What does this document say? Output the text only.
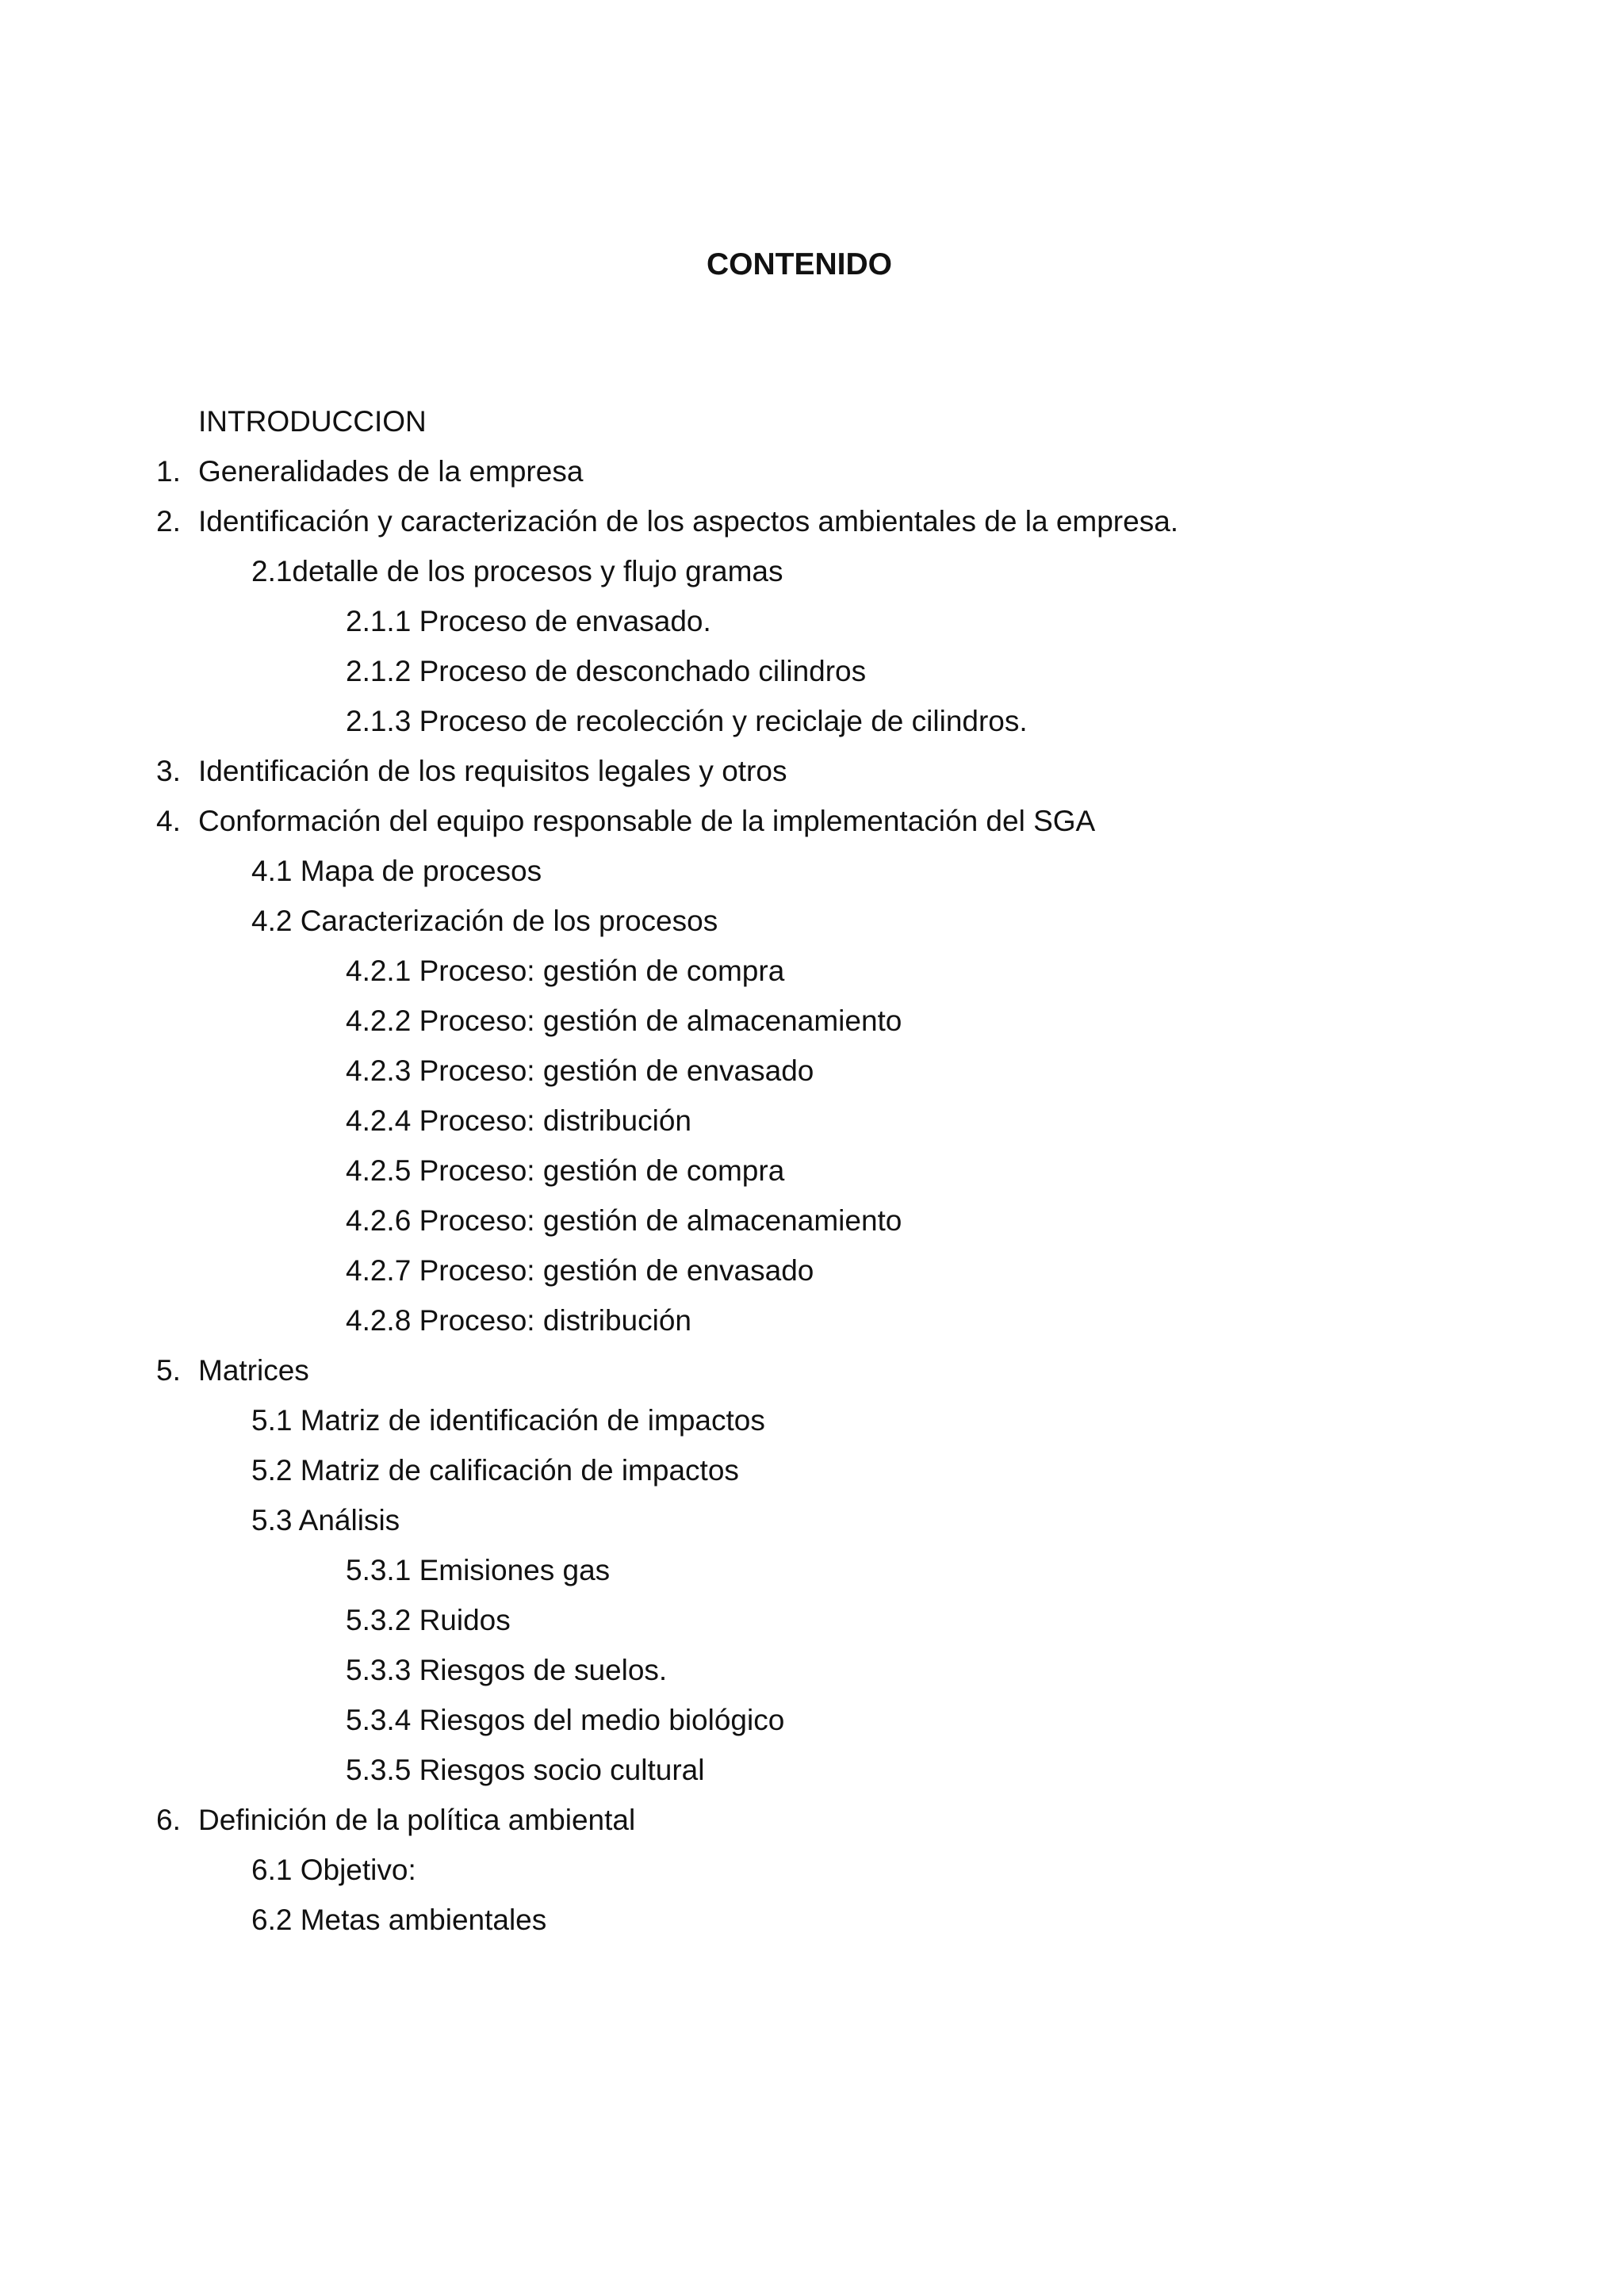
CONTENIDO
INTRODUCCION
1. Generalidades de la empresa
2. Identificación y caracterización de los aspectos ambientales de la empresa.
2.1detalle de los procesos y flujo gramas
2.1.1 Proceso de envasado.
2.1.2 Proceso de desconchado cilindros
2.1.3 Proceso de recolección y reciclaje de cilindros.
3. Identificación de los requisitos legales y otros
4. Conformación del equipo responsable de la implementación del SGA
4.1 Mapa de procesos
4.2 Caracterización de los procesos
4.2.1 Proceso: gestión de compra
4.2.2 Proceso: gestión de almacenamiento
4.2.3 Proceso: gestión de envasado
4.2.4 Proceso: distribución
4.2.5 Proceso: gestión de compra
4.2.6 Proceso: gestión de almacenamiento
4.2.7 Proceso: gestión de envasado
4.2.8 Proceso: distribución
5. Matrices
5.1 Matriz de identificación de impactos
5.2 Matriz de calificación de impactos
5.3 Análisis
5.3.1 Emisiones gas
5.3.2 Ruidos
5.3.3 Riesgos de suelos.
5.3.4 Riesgos del medio biológico
5.3.5 Riesgos socio cultural
6. Definición de la política ambiental
6.1 Objetivo:
6.2 Metas ambientales
